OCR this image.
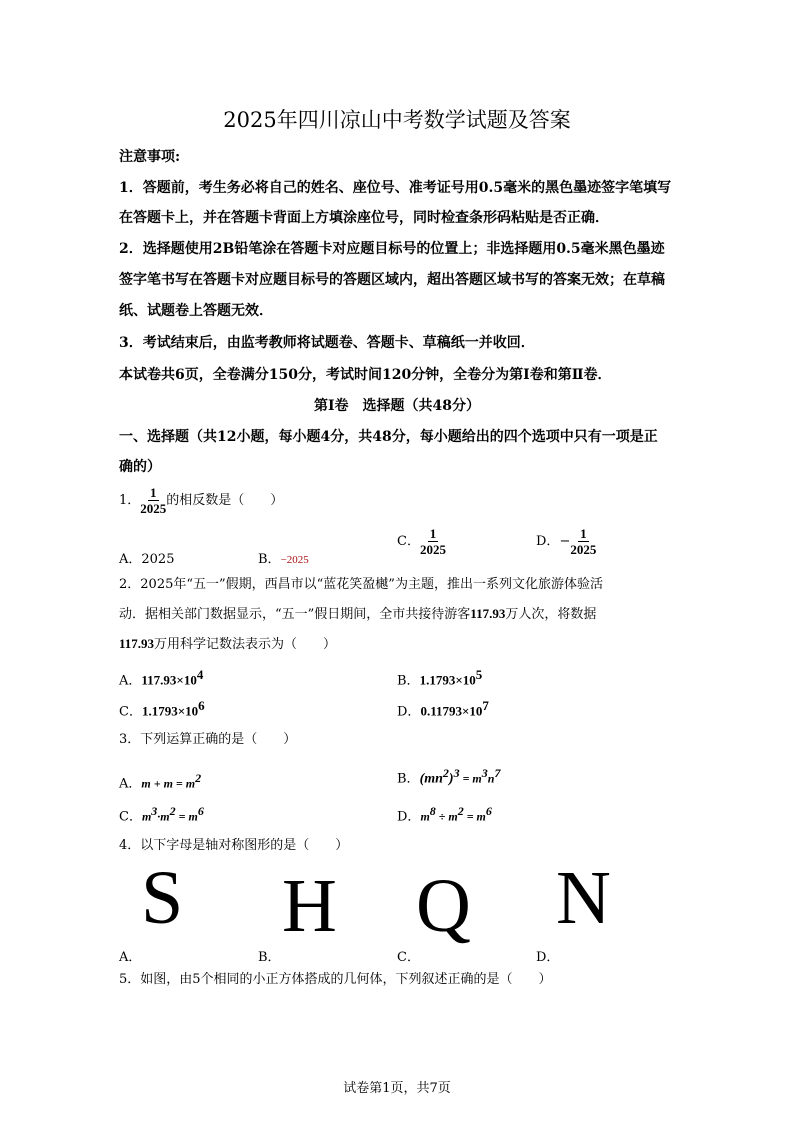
2025年四川凉山中考数学试题及答案
注意事项:
1．答题前，考生务必将自己的姓名、座位号、准考证号用0.5毫米的黑色墨迹签字笔填写
在答题卡上，并在答题卡背面上方填涂座位号，同时检查条形码粘贴是否正确．
2．选择题使用2B铅笔涂在答题卡对应题目标号的位置上；非选择题用0.5毫米黑色墨迹
签字笔书写在答题卡对应题目标号的答题区域内，超出答题区域书写的答案无效；在草稿
纸、试题卷上答题无效．
3．考试结束后，由监考教师将试题卷、答题卡、草稿纸一并收回．
本试卷共6页，全卷满分150分，考试时间120分钟，全卷分为第Ⅰ卷和第Ⅱ卷．
第Ⅰ卷　选择题（共48分）
一、选择题（共12小题，每小题4分，共48分，每小题给出的四个选项中只有一项是正
确的）
1． $\frac{1}{2025}$ 的相反数是（　　）
A．2025	B．−2025
C． $\frac{1}{2025}$	D． − $\frac{1}{2025}$
2．2025年“五一”假期，西昌市以“蓝花笑盈樾”为主题，推出一系列文化旅游体验活
动．据相关部门数据显示，“五一”假日期间，全市共接待游客117.93万人次，将数据
117.93万用科学记数法表示为（　　）
A．$117.93\times 10^4$	B．$1.1793\times 10^5$
C．$1.1793\times 10^6$	D．$0.11793\times 10^7$
3．下列运算正确的是（　　）
A．$m + m = m^2$	B．$(mn^2)^3 = m^3n^7$
C．$m^3\cdot m^2 = m^6$	D．$m^8 \div m^2 = m^6$
4．以下字母是轴对称图形的是（　　）
S H Q N
A．	B．	C．	D．
5．如图，由5个相同的小正方体搭成的几何体，下列叙述正确的是（　　）
试卷第1页，共7页
